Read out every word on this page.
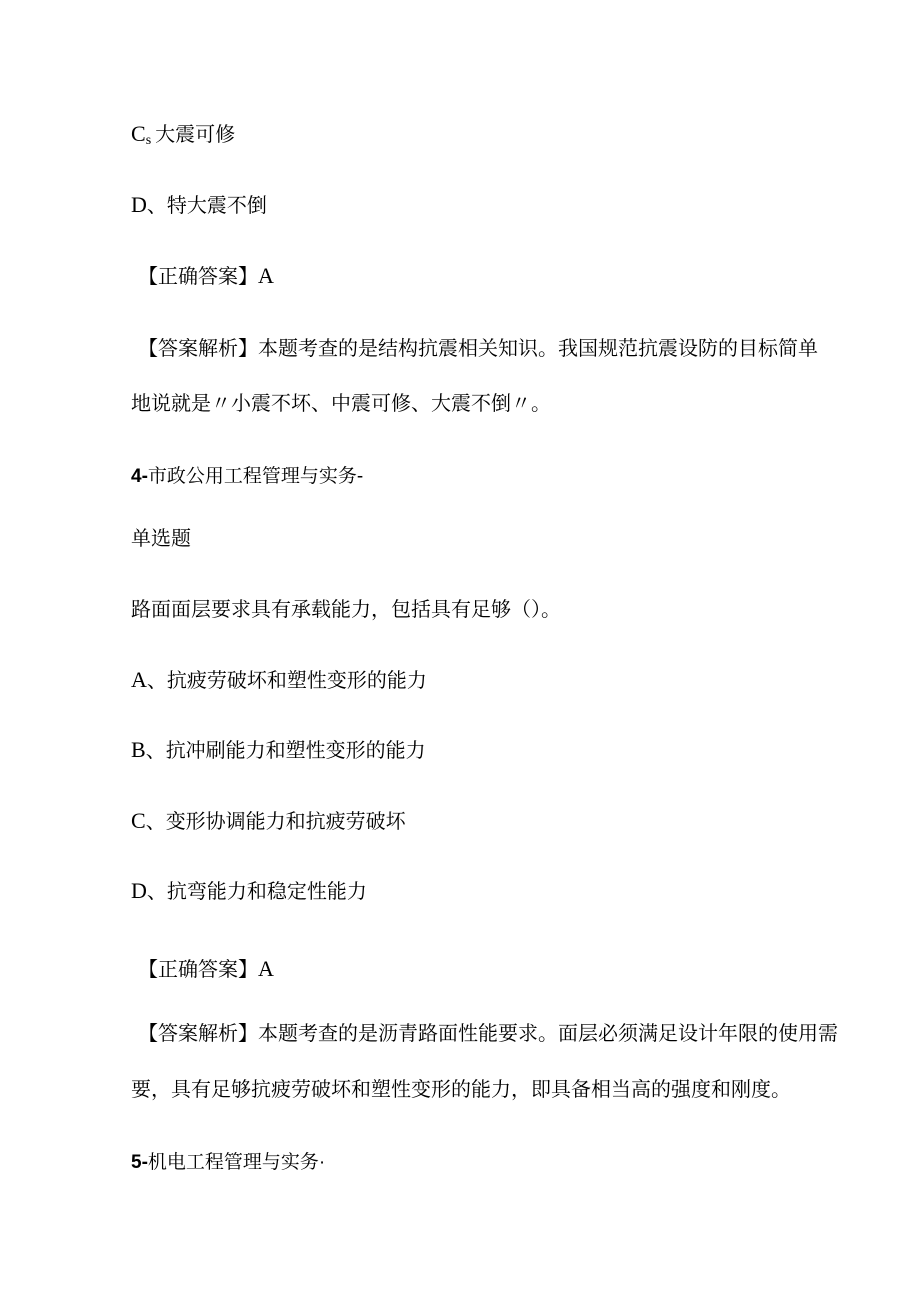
$C_s$ 大震可修
D、特大震不倒
【正确答案】A
【答案解析】本题考查的是结构抗震相关知识。我国规范抗震设防的目标简单
地说就是〃小震不坏、中震可修、大震不倒〃。
4-市政公用工程管理与实务-
单选题
路面面层要求具有承载能力，包括具有足够（）。
A、抗疲劳破坏和塑性变形的能力
B、抗冲刷能力和塑性变形的能力
C、变形协调能力和抗疲劳破坏
D、抗弯能力和稳定性能力
【正确答案】A
【答案解析】本题考查的是沥青路面性能要求。面层必须满足设计年限的使用需
要，具有足够抗疲劳破坏和塑性变形的能力，即具备相当高的强度和刚度。
5-机电工程管理与实务·
